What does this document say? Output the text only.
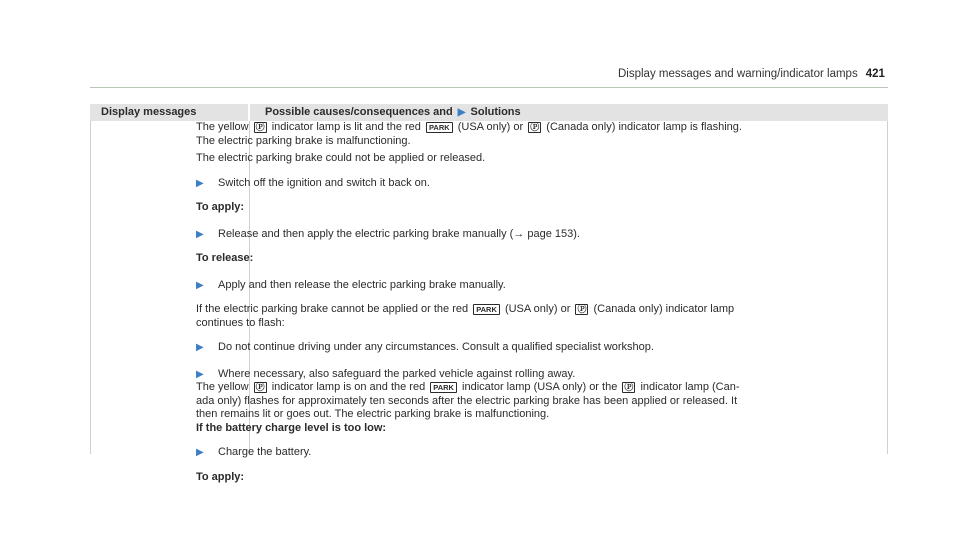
Display messages and warning/indicator lamps 421
Display messages	Possible causes/consequences and ▶ Solutions

The yellow Ⓟ indicator lamp is lit and the red PARK (USA only) or Ⓟ (Canada only) indicator lamp is flashing.

The electric parking brake is malfunctioning.

The electric parking brake could not be applied or released.

▶ Switch off the ignition and switch it back on.

To apply:

▶ Release and then apply the electric parking brake manually (→ page 153).

To release:

▶ Apply and then release the electric parking brake manually.

If the electric parking brake cannot be applied or the red PARK (USA only) or Ⓟ (Canada only) indicator lamp

continues to flash:

▶ Do not continue driving under any circumstances. Consult a qualified specialist workshop.
▶ Where necessary, also safeguard the parked vehicle against rolling away.

The yellow Ⓟ indicator lamp is on and the red PARK indicator lamp (USA only) or the Ⓟ indicator lamp (Can-

ada only) flashes for approximately ten seconds after the electric parking brake has been applied or released. It

then remains lit or goes out. The electric parking brake is malfunctioning.

If the battery charge level is too low:

▶ Charge the battery.

To apply:
